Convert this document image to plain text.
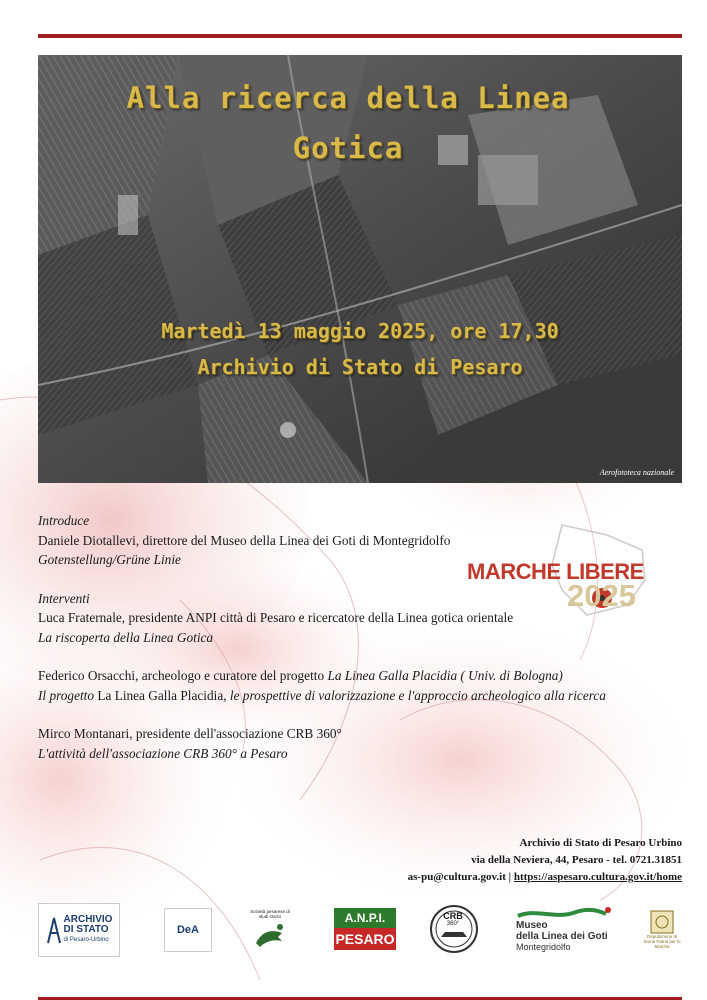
Alla ricerca della Linea
Gotica
Martedì 13 maggio 2025, ore 17,30
Archivio di Stato di Pesaro
Aerofototeca nazionale
MARCHE LIBERE
2025

Introduce

Daniele Diotallevi, direttore del Museo della Linea dei Goti di Montegridolfo

Gotenstellung/Grüne Linie

Interventi

Luca Fraternale, presidente ANPI città di Pesaro e ricercatore della Linea gotica orientale

La riscoperta della Linea Gotica

Federico Orsacchi, archeologo e curatore del progetto La Linea Galla Placidia ( Univ. di Bologna)

Il progetto La Linea Galla Placidia, le prospettive di valorizzazione e l'approccio archeologico alla ricerca

Mirco Montanari, presidente dell'associazione CRB 360°

L'attività dell'associazione CRB 360° a Pesaro

Archivio di Stato di Pesaro Urbino

via della Neviera, 44, Pesaro - tel. 0721.31851

as-pu@cultura.gov.it | https://aspesaro.cultura.gov.it/home

ARCHIVIO
DI STATO
di Pesaro-Urbino
DeA
Società pesarese di studi storici	A.N.P.I.
PESARO
CRB
360°	Museo
della Linea dei Goti
Montegridolfo
Deputazione di Storia Patria per le Marche
